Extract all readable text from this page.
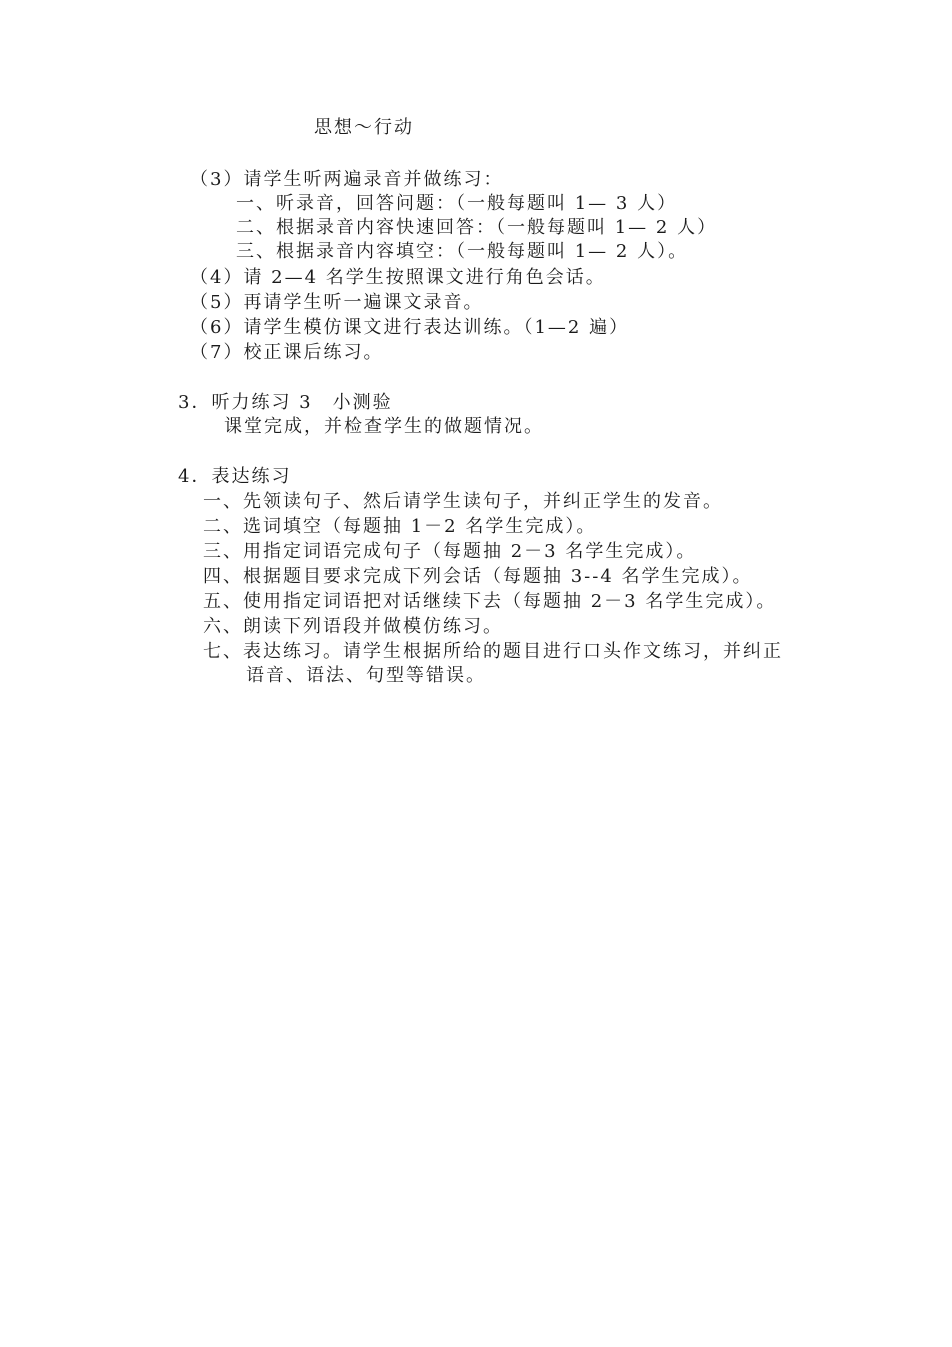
思想～行动
（3）请学生听两遍录音并做练习：
一、听录音，回答问题：（一般每题叫 1— 3 人）
二、根据录音内容快速回答：（一般每题叫 1— 2 人）
三、根据录音内容填空：（一般每题叫 1— 2 人）。
（4）请 2—4 名学生按照课文进行角色会话。
（5）再请学生听一遍课文录音。
（6）请学生模仿课文进行表达训练。（1—2 遍）
（7）校正课后练习。
3．听力练习 3　小测验
课堂完成，并检查学生的做题情况。
4．表达练习
一、先领读句子、然后请学生读句子，并纠正学生的发音。
二、选词填空（每题抽 1－2 名学生完成）。
三、用指定词语完成句子（每题抽 2－3 名学生完成）。
四、根据题目要求完成下列会话（每题抽 3--4 名学生完成）。
五、使用指定词语把对话继续下去（每题抽 2－3 名学生完成）。
六、朗读下列语段并做模仿练习。
七、表达练习。请学生根据所给的题目进行口头作文练习，并纠正
语音、语法、句型等错误。
